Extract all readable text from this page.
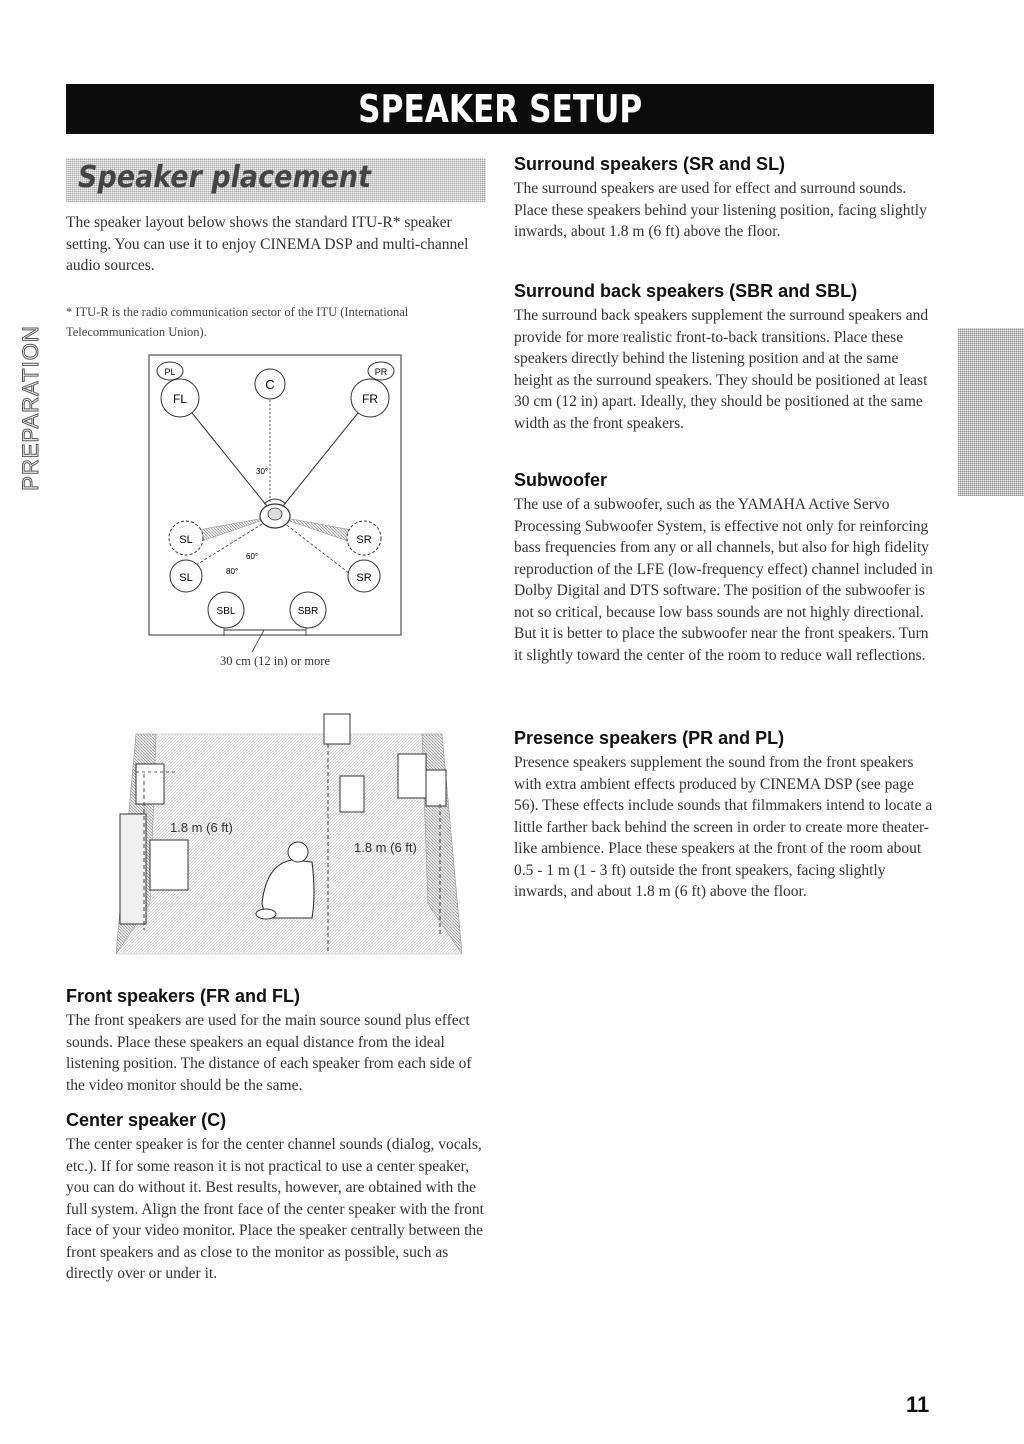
SPEAKER SETUP
Speaker placement

The speaker layout below shows the standard ITU-R* speaker setting. You can use it to enjoy CINEMA DSP and multi-channel audio sources.

* ITU-R is the radio communication sector of the ITU (International Telecommunication Union).
PL	PR
C
FL	FR
SL	SR
SL	SR
SBL	SBR
30°
60°
80°
30 cm (12 in) or more
1.8 m (6 ft)
1.8 m (6 ft)
Front speakers (FR and FL)

The front speakers are used for the main source sound plus effect sounds. Place these speakers an equal distance from the ideal listening position. The distance of each speaker from each side of the video monitor should be the same.

Center speaker (C)

The center speaker is for the center channel sounds (dialog, vocals, etc.). If for some reason it is not practical to use a center speaker, you can do without it. Best results, however, are obtained with the full system. Align the front face of the center speaker with the front face of your video monitor. Place the speaker centrally between the front speakers and as close to the monitor as possible, such as directly over or under it.

Surround speakers (SR and SL)

The surround speakers are used for effect and surround sounds. Place these speakers behind your listening position, facing slightly inwards, about 1.8 m (6 ft) above the floor.

Surround back speakers (SBR and SBL)

The surround back speakers supplement the surround speakers and provide for more realistic front-to-back transitions. Place these speakers directly behind the listening position and at the same height as the surround speakers. They should be positioned at least 30 cm (12 in) apart. Ideally, they should be positioned at the same width as the front speakers.

Subwoofer

The use of a subwoofer, such as the YAMAHA Active Servo Processing Subwoofer System, is effective not only for reinforcing bass frequencies from any or all channels, but also for high fidelity reproduction of the LFE (low-frequency effect) channel included in Dolby Digital and DTS software. The position of the subwoofer is not so critical, because low bass sounds are not highly directional. But it is better to place the subwoofer near the front speakers. Turn it slightly toward the center of the room to reduce wall reflections.

Presence speakers (PR and PL)

Presence speakers supplement the sound from the front speakers with extra ambient effects produced by CINEMA DSP (see page 56). These effects include sounds that filmmakers intend to locate a little farther back behind the screen in order to create more theater-like ambience. Place these speakers at the front of the room about 0.5 - 1 m (1 - 3 ft) outside the front speakers, facing slightly inwards, and about 1.8 m (6 ft) above the floor.

PREPARATION
11
